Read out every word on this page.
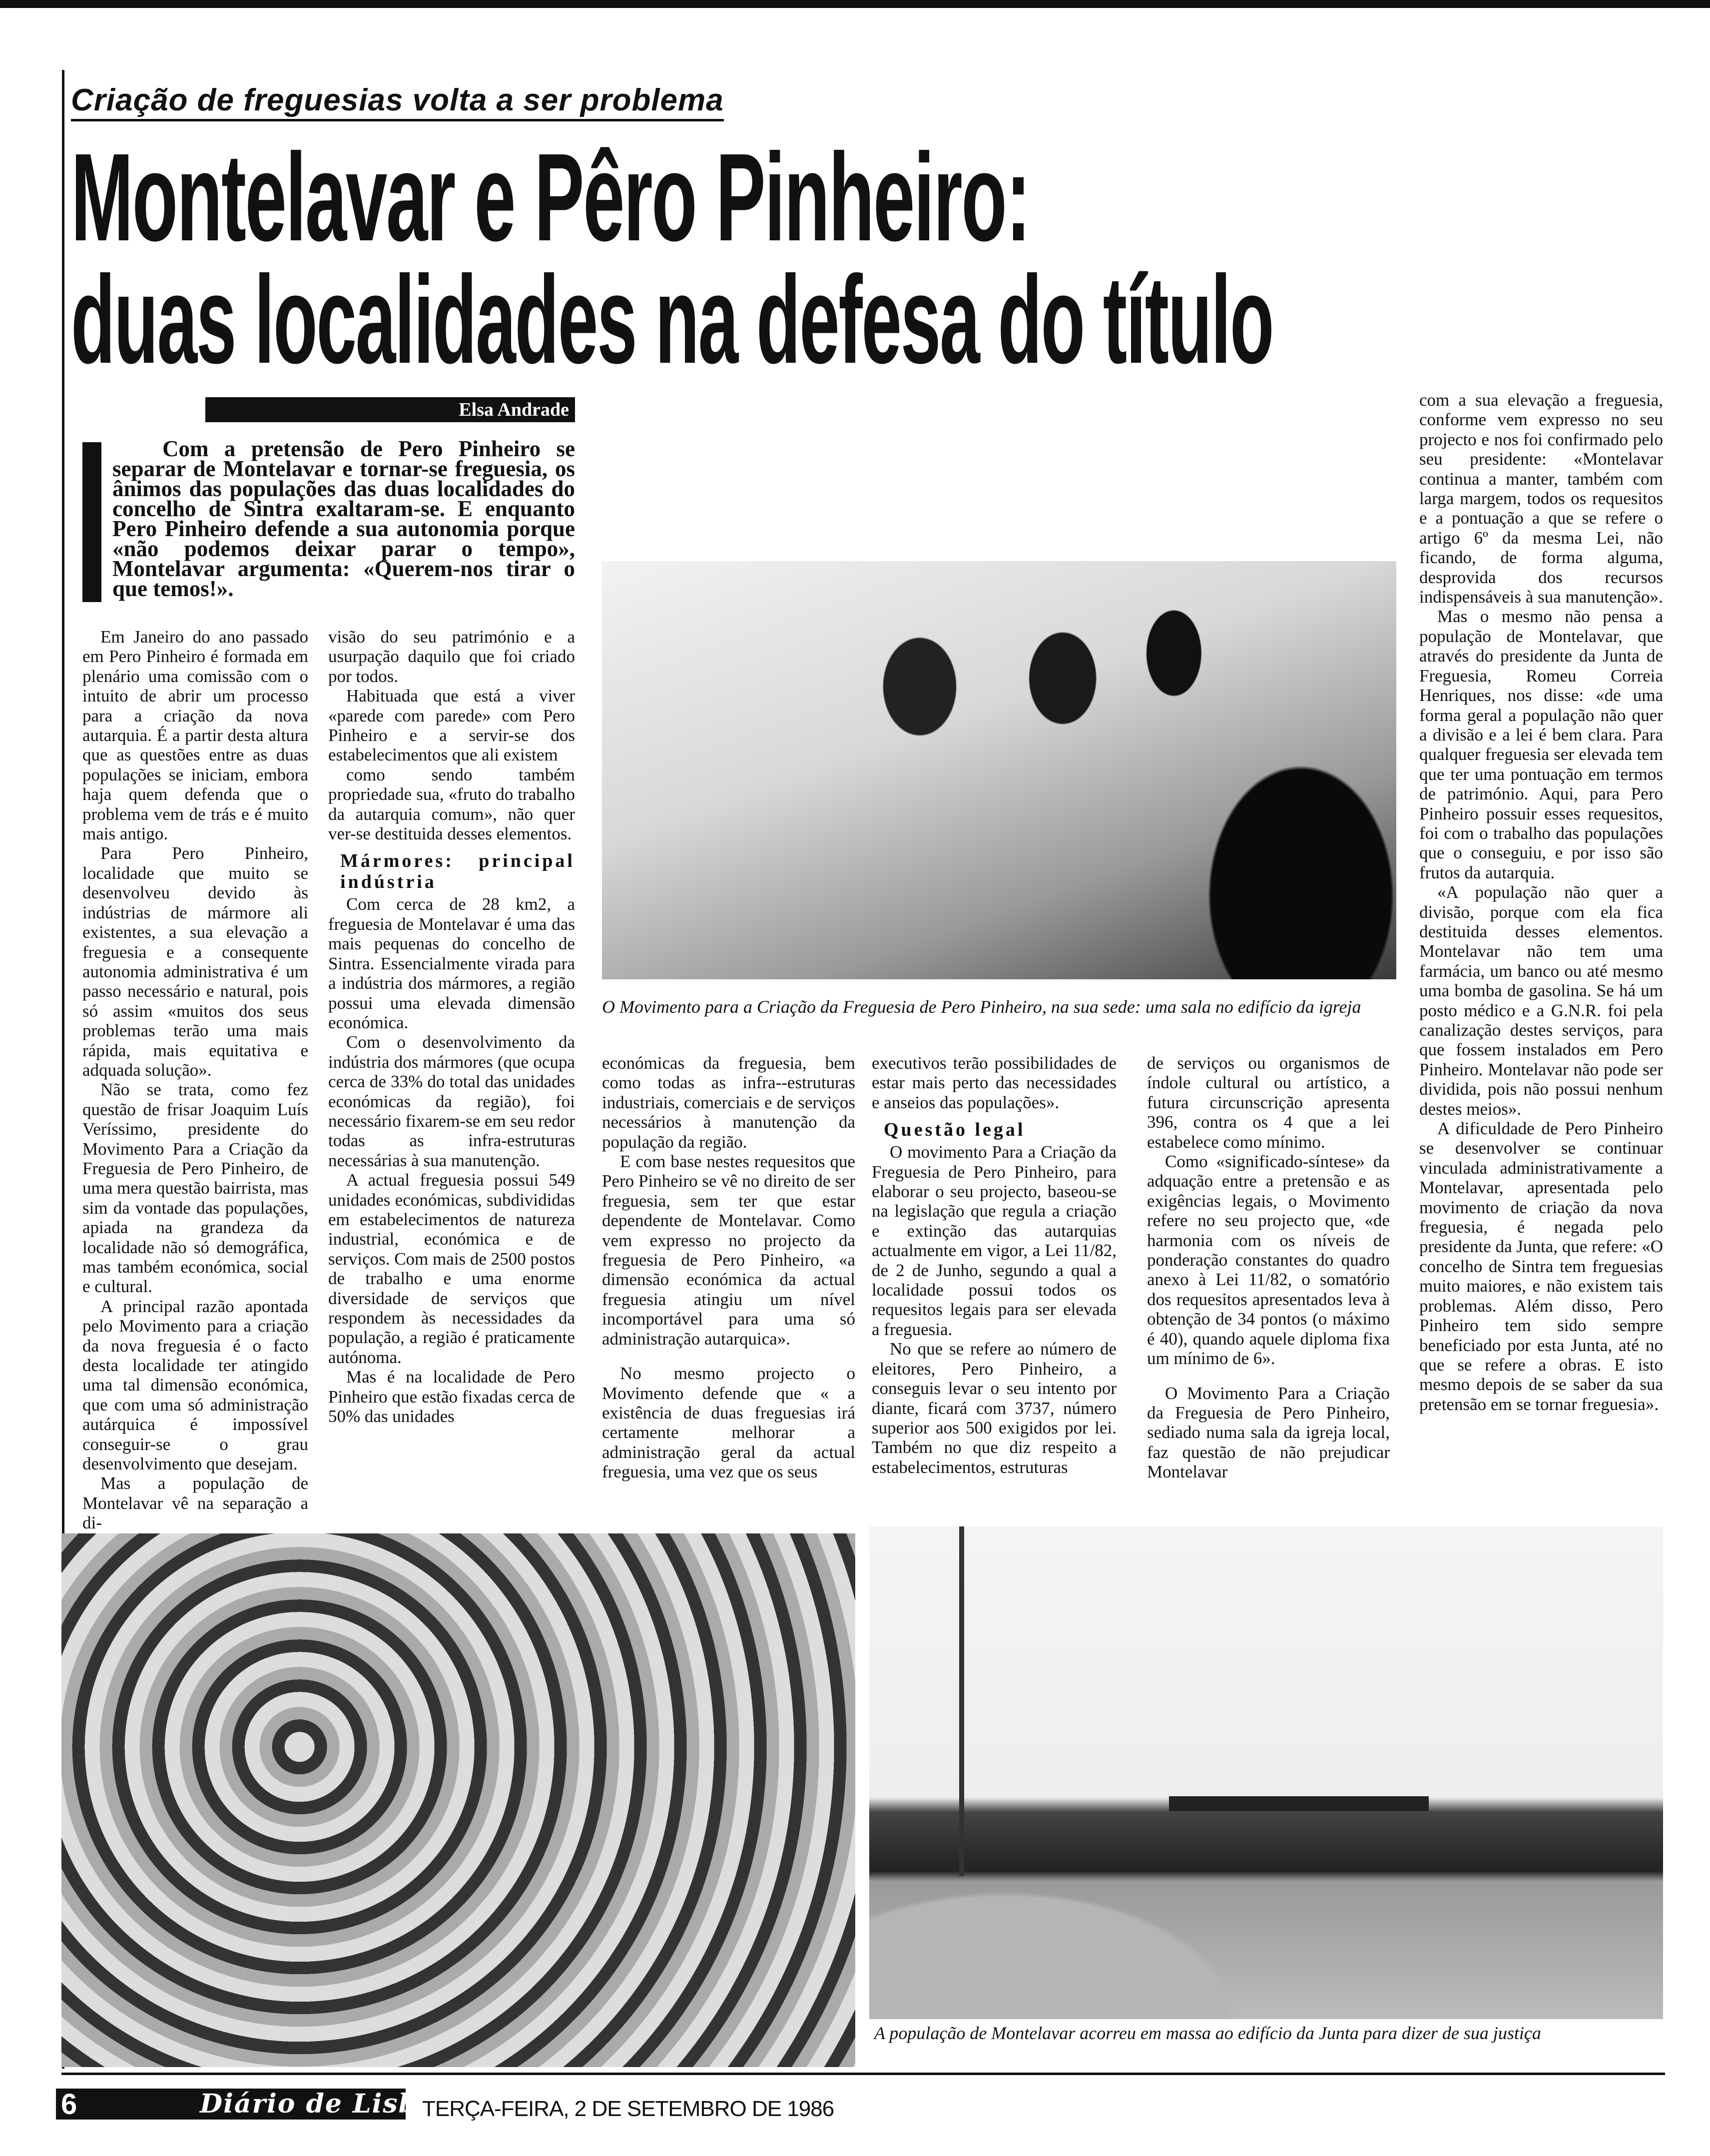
Criação de freguesias volta a ser problema
Montelavar e Pêro Pinheiro:
duas localidades na defesa do título
Elsa Andrade
Com a pretensão de Pero Pinheiro se separar de Montelavar e tornar-se freguesia, os ânimos das populações das duas localidades do concelho de Sintra exaltaram-se. E enquanto Pero Pinheiro defende a sua autonomia porque «não podemos deixar parar o tempo», Montelavar argumenta: «Querem-nos tirar o que temos!».

Em Janeiro do ano passado em Pero Pinheiro é formada em plenário uma comissão com o intuito de abrir um processo para a criação da nova autarquia. É a partir desta altura que as questões entre as duas populações se iniciam, embora haja quem defenda que o problema vem de trás e é muito mais antigo.

Para Pero Pinheiro, localidade que muito se desenvolveu devido às indústrias de mármore ali existentes, a sua elevação a freguesia e a consequente autonomia administrativa é um passo necessário e natural, pois só assim «muitos dos seus problemas terão uma mais rápida, mais equitativa e adquada solução».

Não se trata, como fez questão de frisar Joaquim Luís Veríssimo, presidente do Movimento Para a Criação da Freguesia de Pero Pinheiro, de uma mera questão bairrista, mas sim da vontade das populações, apiada na grandeza da localidade não só demográfica, mas também económica, social e cultural.

A principal razão apontada pelo Movimento para a criação da nova freguesia é o facto desta localidade ter atingido uma tal dimensão económica, que com uma só administração autárquica é impossível conseguir-se o grau desenvolvimento que desejam.

Mas a população de Montelavar vê na separação a di-

visão do seu património e a usurpação daquilo que foi criado por todos.

Habituada que está a viver «parede com parede» com Pero Pinheiro e a servir-se dos estabelecimentos que ali existem

como sendo também propriedade sua, «fruto do trabalho da autarquia comum», não quer ver-se destituida desses elementos.

Mármores: principal indústria

Com cerca de 28 km2, a freguesia de Montelavar é uma das mais pequenas do concelho de Sintra. Essencialmente virada para a indústria dos mármores, a região possui uma elevada dimensão económica.

Com o desenvolvimento da indústria dos mármores (que ocupa cerca de 33% do total das unidades económicas da região), foi necessário fixarem-se em seu redor todas as infra-estruturas necessárias à sua manutenção.

A actual freguesia possui 549 unidades económicas, subdivididas em estabelecimentos de natureza industrial, económica e de serviços. Com mais de 2500 postos de trabalho e uma enorme diversidade de serviços que respondem às necessidades da população, a região é praticamente autónoma.

Mas é na localidade de Pero Pinheiro que estão fixadas cerca de 50% das unidades

O Movimento para a Criação da Freguesia de Pero Pinheiro, na sua sede: uma sala no edifício da igreja

económicas da freguesia, bem como todas as infra--estruturas industriais, comerciais e de serviços necessários à manutenção da população da região.

E com base nestes requesitos que Pero Pinheiro se vê no direito de ser freguesia, sem ter que estar dependente de Montelavar. Como vem expresso no projecto da freguesia de Pero Pinheiro, «a dimensão económica da actual freguesia atingiu um nível incomportável para uma só administração autarquica».

No mesmo projecto o Movimento defende que « a existência de duas freguesias irá certamente melhorar a administração geral da actual freguesia, uma vez que os seus

executivos terão possibilidades de estar mais perto das necessidades e anseios das populações».

Questão legal

O movimento Para a Criação da Freguesia de Pero Pinheiro, para elaborar o seu projecto, baseou-se na legislação que regula a criação e extinção das autarquias actualmente em vigor, a Lei 11/82, de 2 de Junho, segundo a qual a localidade possui todos os requesitos legais para ser elevada a freguesia.

No que se refere ao número de eleitores, Pero Pinheiro, a conseguis levar o seu intento por diante, ficará com 3737, número superior aos 500 exigidos por lei. Também no que diz respeito a estabelecimentos, estruturas

de serviços ou organismos de índole cultural ou artístico, a futura circunscrição apresenta 396, contra os 4 que a lei estabelece como mínimo.

Como «significado-síntese» da adquação entre a pretensão e as exigências legais, o Movimento refere no seu projecto que, «de harmonia com os níveis de ponderação constantes do quadro anexo à Lei 11/82, o somatório dos requesitos apresentados leva à obtenção de 34 pontos (o máximo é 40), quando aquele diploma fixa um mínimo de 6».

O Movimento Para a Criação da Freguesia de Pero Pinheiro, sediado numa sala da igreja local, faz questão de não prejudicar Montelavar

com a sua elevação a freguesia, conforme vem expresso no seu projecto e nos foi confirmado pelo seu presidente: «Montelavar continua a manter, também com larga margem, todos os requesitos e a pontuação a que se refere o artigo 6º da mesma Lei, não ficando, de forma alguma, desprovida dos recursos indispensáveis à sua manutenção».

Mas o mesmo não pensa a população de Montelavar, que através do presidente da Junta de Freguesia, Romeu Correia Henriques, nos disse: «de uma forma geral a população não quer a divisão e a lei é bem clara. Para qualquer freguesia ser elevada tem que ter uma pontuação em termos de património. Aqui, para Pero Pinheiro possuir esses requesitos, foi com o trabalho das populações que o conseguiu, e por isso são frutos da autarquia.

«A população não quer a divisão, porque com ela fica destituida desses elementos. Montelavar não tem uma farmácia, um banco ou até mesmo uma bomba de gasolina. Se há um posto médico e a G.N.R. foi pela canalização destes serviços, para que fossem instalados em Pero Pinheiro. Montelavar não pode ser dividida, pois não possui nenhum destes meios».

A dificuldade de Pero Pinheiro se desenvolver se continuar vinculada administrativamente a Montelavar, apresentada pelo movimento de criação da nova freguesia, é negada pelo presidente da Junta, que refere: «O concelho de Sintra tem freguesias muito maiores, e não existem tais problemas. Além disso, Pero Pinheiro tem sido sempre beneficiado por esta Junta, até no que se refere a obras. E isto mesmo depois de se saber da sua pretensão em se tornar freguesia».

A população de Montelavar acorreu em massa ao edifício da Junta para dizer de sua justiça
6	Diário de Lisboa
TERÇA-FEIRA, 2 DE SETEMBRO DE 1986
